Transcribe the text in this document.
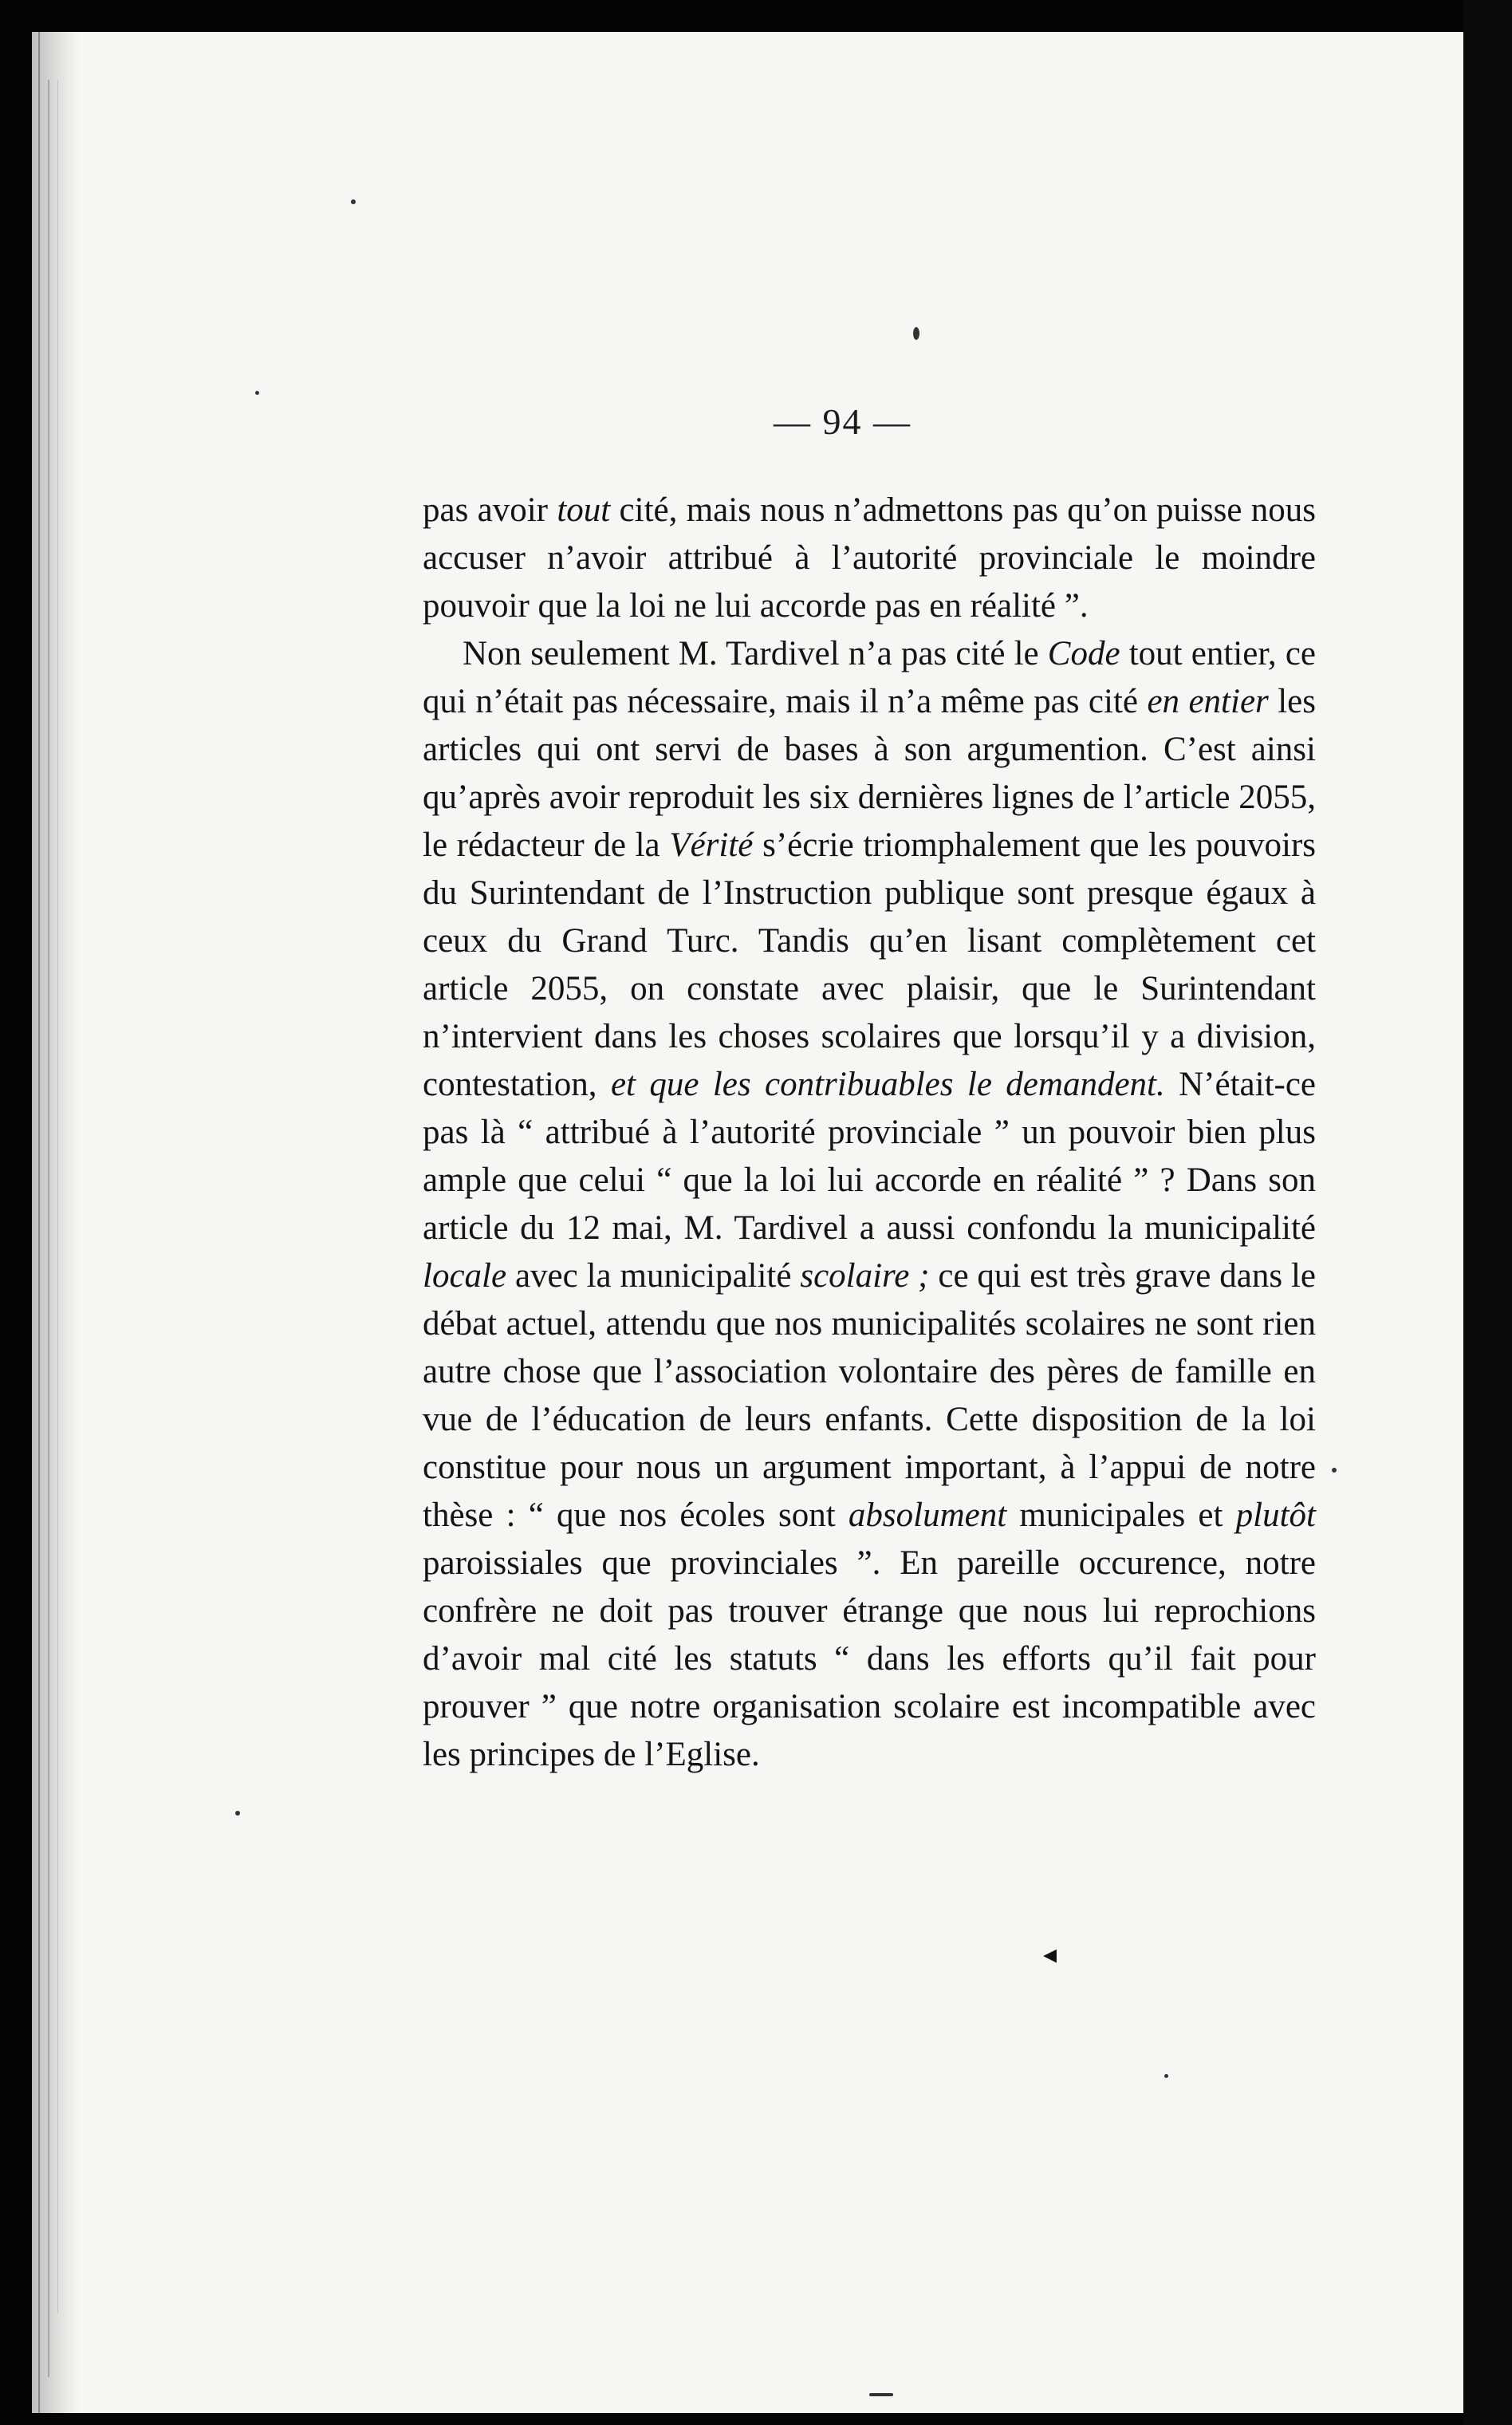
— 94 —

pas avoir tout cité, mais nous n’admettons pas qu’on puisse nous accuser n’avoir attribué à l’autorité provinciale le moindre pouvoir que la loi ne lui accorde pas en réalité ”.

Non seulement M. Tardivel n’a pas cité le Code tout entier, ce qui n’était pas nécessaire, mais il n’a même pas cité en entier les articles qui ont servi de bases à son argumention. C’est ainsi qu’après avoir reproduit les six dernières lignes de l’article 2055, le rédacteur de la Vérité s’écrie triomphalement que les pouvoirs du Surintendant de l’Instruction publique sont presque égaux à ceux du Grand Turc. Tandis qu’en lisant complètement cet article 2055, on constate avec plaisir, que le Surintendant n’intervient dans les choses scolaires que lorsqu’il y a division, contestation, et que les contribuables le demandent. N’était-ce pas là “ attribué à l’autorité provinciale ” un pouvoir bien plus ample que celui “ que la loi lui accorde en réalité ” ? Dans son article du 12 mai, M. Tardivel a aussi confondu la municipalité locale avec la municipalité scolaire ; ce qui est très grave dans le débat actuel, attendu que nos municipalités scolaires ne sont rien autre chose que l’association volontaire des pères de famille en vue de l’éducation de leurs enfants. Cette disposition de la loi constitue pour nous un argument important, à l’appui de notre thèse : “ que nos écoles sont absolument municipales et plutôt paroissiales que provinciales ”. En pareille occurence, notre confrère ne doit pas trouver étrange que nous lui reprochions d’avoir mal cité les statuts “ dans les efforts qu’il fait pour prouver ” que notre organisation scolaire est incompatible avec les principes de l’Eglise.

◂
